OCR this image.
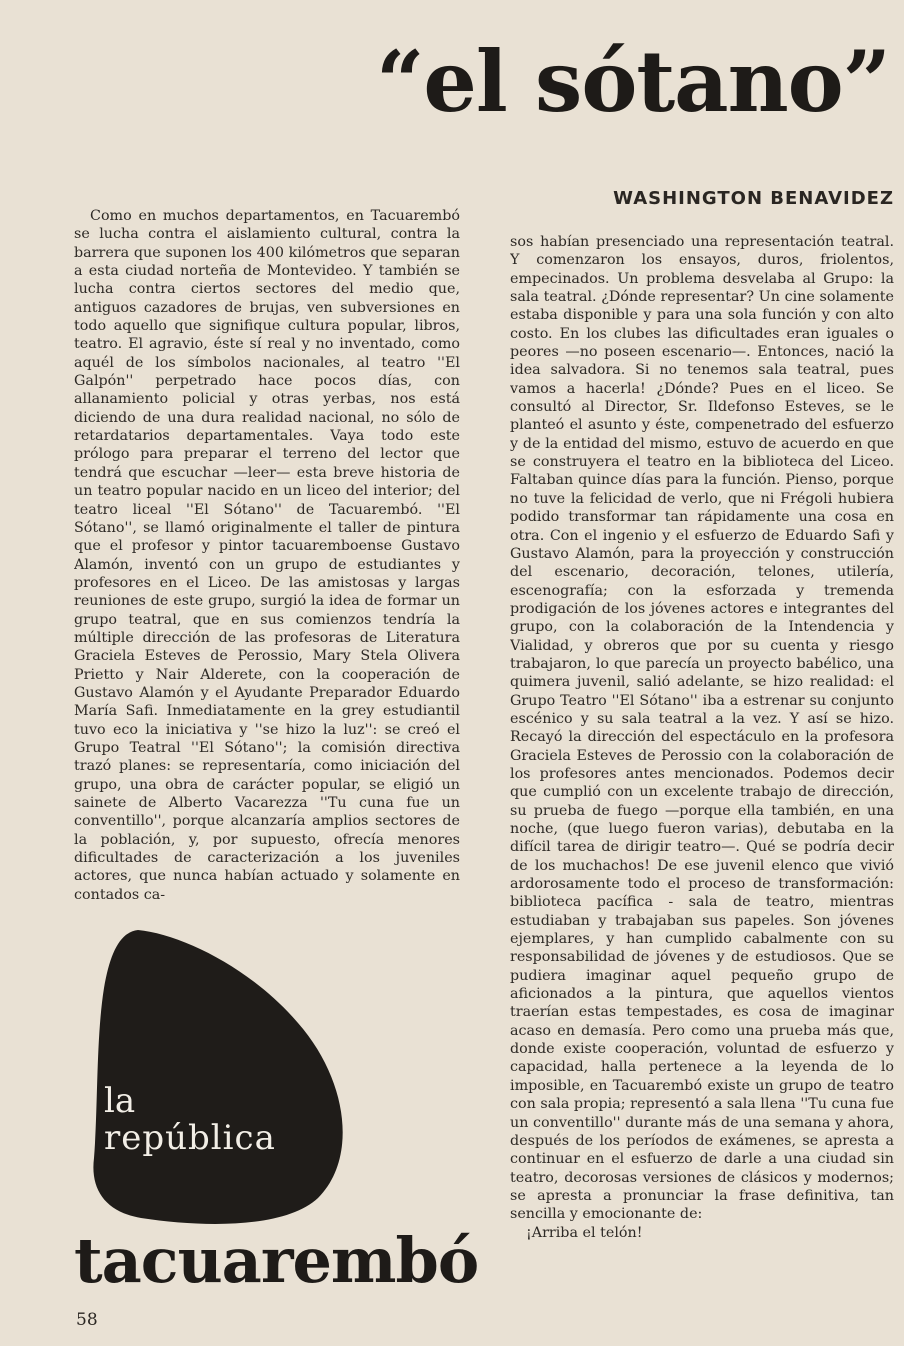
“el sótano”
WASHINGTON BENAVIDEZ
Como en muchos departamentos, en Tacuarembó se lucha contra el aislamiento cultural, contra la barrera que suponen los 400 kilómetros que separan a esta ciudad norteña de Montevideo. Y también se lucha contra ciertos sectores del medio que, antiguos cazadores de brujas, ven subversiones en todo aquello que signifique cultura popular, libros, teatro. El agravio, éste sí real y no inventado, como aquél de los símbolos nacionales, al teatro ''El Galpón'' perpetrado hace pocos días, con allanamiento policial y otras yerbas, nos está diciendo de una dura realidad nacional, no sólo de retardatarios departamentales. Vaya todo este prólogo para preparar el terreno del lector que tendrá que escuchar —leer— esta breve historia de un teatro popular nacido en un liceo del interior; del teatro liceal ''El Sótano'' de Tacuarembó. ''El Sótano'', se llamó originalmente el taller de pintura que el profesor y pintor tacuaremboense Gustavo Alamón, inventó con un grupo de estudiantes y profesores en el Liceo. De las amistosas y largas reuniones de este grupo, surgió la idea de formar un grupo teatral, que en sus comienzos tendría la múltiple dirección de las profesoras de Literatura Graciela Esteves de Perossio, Mary Stela Olivera Prietto y Nair Alderete, con la cooperación de Gustavo Alamón y el Ayudante Preparador Eduardo María Safi. Inmediatamente en la grey estudiantil tuvo eco la iniciativa y ''se hizo la luz'': se creó el Grupo Teatral ''El Sótano''; la comisión directiva trazó planes: se representaría, como iniciación del grupo, una obra de carácter popular, se eligió un sainete de Alberto Vacarezza ''Tu cuna fue un conventillo'', porque alcanzaría amplios sectores de la población, y, por supuesto, ofrecía menores dificultades de caracterización a los juveniles actores, que nunca habían actuado y solamente en contados ca-
sos habían presenciado una representación teatral. Y comenzaron los ensayos, duros, friolentos, empecinados. Un problema desvelaba al Grupo: la sala teatral. ¿Dónde representar? Un cine solamente estaba disponible y para una sola función y con alto costo. En los clubes las dificultades eran iguales o peores —no poseen escenario—. Entonces, nació la idea salvadora. Si no tenemos sala teatral, pues vamos a hacerla! ¿Dónde? Pues en el liceo. Se consultó al Director, Sr. Ildefonso Esteves, se le planteó el asunto y éste, compenetrado del esfuerzo y de la entidad del mismo, estuvo de acuerdo en que se construyera el teatro en la biblioteca del Liceo. Faltaban quince días para la función. Pienso, porque no tuve la felicidad de verlo, que ni Frégoli hubiera podido transformar tan rápidamente una cosa en otra. Con el ingenio y el esfuerzo de Eduardo Safi y Gustavo Alamón, para la proyección y construcción del escenario, decoración, telones, utilería, escenografía; con la esforzada y tremenda prodigación de los jóvenes actores e integrantes del grupo, con la colaboración de la Intendencia y Vialidad, y obreros que por su cuenta y riesgo trabajaron, lo que parecía un proyecto babélico, una quimera juvenil, salió adelante, se hizo realidad: el Grupo Teatro ''El Sótano'' iba a estrenar su conjunto escénico y su sala teatral a la vez. Y así se hizo. Recayó la dirección del espectáculo en la profesora Graciela Esteves de Perossio con la colaboración de los profesores antes mencionados. Podemos decir que cumplió con un excelente trabajo de dirección, su prueba de fuego —porque ella también, en una noche, (que luego fueron varias), debutaba en la difícil tarea de dirigir teatro—. Qué se podría decir de los muchachos! De ese juvenil elenco que vivió ardorosamente todo el proceso de transformación: biblioteca pacífica - sala de teatro, mientras estudiaban y trabajaban sus papeles. Son jóvenes ejemplares, y han cumplido cabalmente con su responsabilidad de jóvenes y de estudiosos. Que se pudiera imaginar aquel pequeño grupo de aficionados a la pintura, que aquellos vientos traerían estas tempestades, es cosa de imaginar acaso en demasía. Pero como una prueba más que, donde existe cooperación, voluntad de esfuerzo y capacidad, halla pertenece a la leyenda de lo imposible, en Tacuarembó existe un grupo de teatro con sala propia; representó a sala llena ''Tu cuna fue un conventillo'' durante más de una semana y ahora, después de los períodos de exámenes, se apresta a continuar en el esfuerzo de darle a una ciudad sin teatro, decorosas versiones de clásicos y modernos; se apresta a pronunciar la frase definitiva, tan sencilla y emocionante de:
¡Arriba el telón!
la
república
tacuarembó
58
